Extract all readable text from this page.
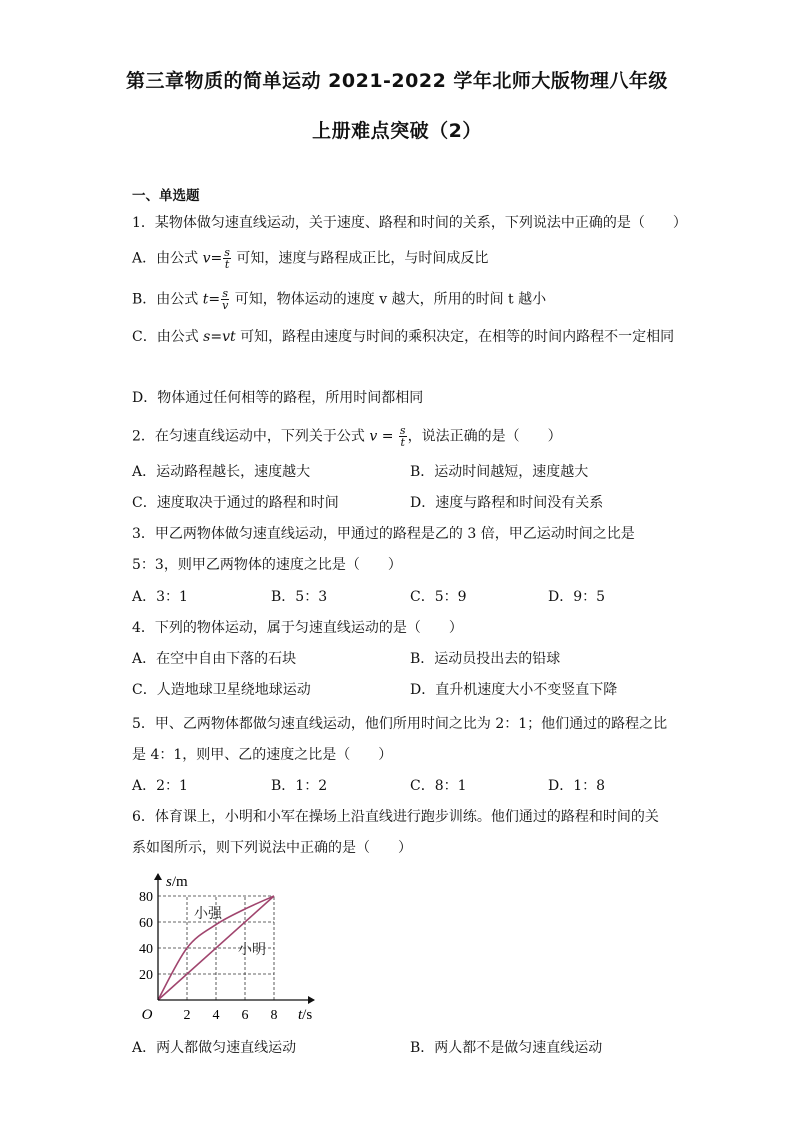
第三章物质的简单运动 2021-2022 学年北师大版物理八年级
上册难点突破（2）
一、单选题
1．某物体做匀速直线运动，关于速度、路程和时间的关系，下列说法中正确的是（　　）
A．由公式 $v= \frac{s}{t}$ 可知，速度与路程成正比，与时间成反比
B．由公式 $t= \frac{s}{v}$ 可知，物体运动的速度 v 越大，所用的时间 t 越小
C．由公式 s=vt 可知，路程由速度与时间的乘积决定，在相等的时间内路程不一定相同
D．物体通过任何相等的路程，所用时间都相同
2．在匀速直线运动中，下列关于公式 $v = \frac{s}{t}$ ，说法正确的是（　　）
A．运动路程越长，速度越大	B．运动时间越短，速度越大
C．速度取决于通过的路程和时间	D．速度与路程和时间没有关系
3．甲乙两物体做匀速直线运动，甲通过的路程是乙的 3 倍，甲乙运动时间之比是
5：3，则甲乙两物体的速度之比是（　　）
A．3：1	B．5：3	C．5：9	D．9：5
4．下列的物体运动，属于匀速直线运动的是（　　）
A．在空中自由下落的石块	B．运动员投出去的铅球
C．人造地球卫星绕地球运动	D．直升机速度大小不变竖直下降
5．甲、乙两物体都做匀速直线运动，他们所用时间之比为 2：1；他们通过的路程之比
是 4：1，则甲、乙的速度之比是（　　）
A．2：1	B．1：2	C．8：1	D．1：8
6．体育课上，小明和小军在操场上沿直线进行跑步训练。他们通过的路程和时间的关
系如图所示，则下列说法中正确的是（　　）
小明
小强
2 4 6 8
20
40
60
80
O
s/m
t/s
A．两人都做匀速直线运动	B．两人都不是做匀速直线运动
